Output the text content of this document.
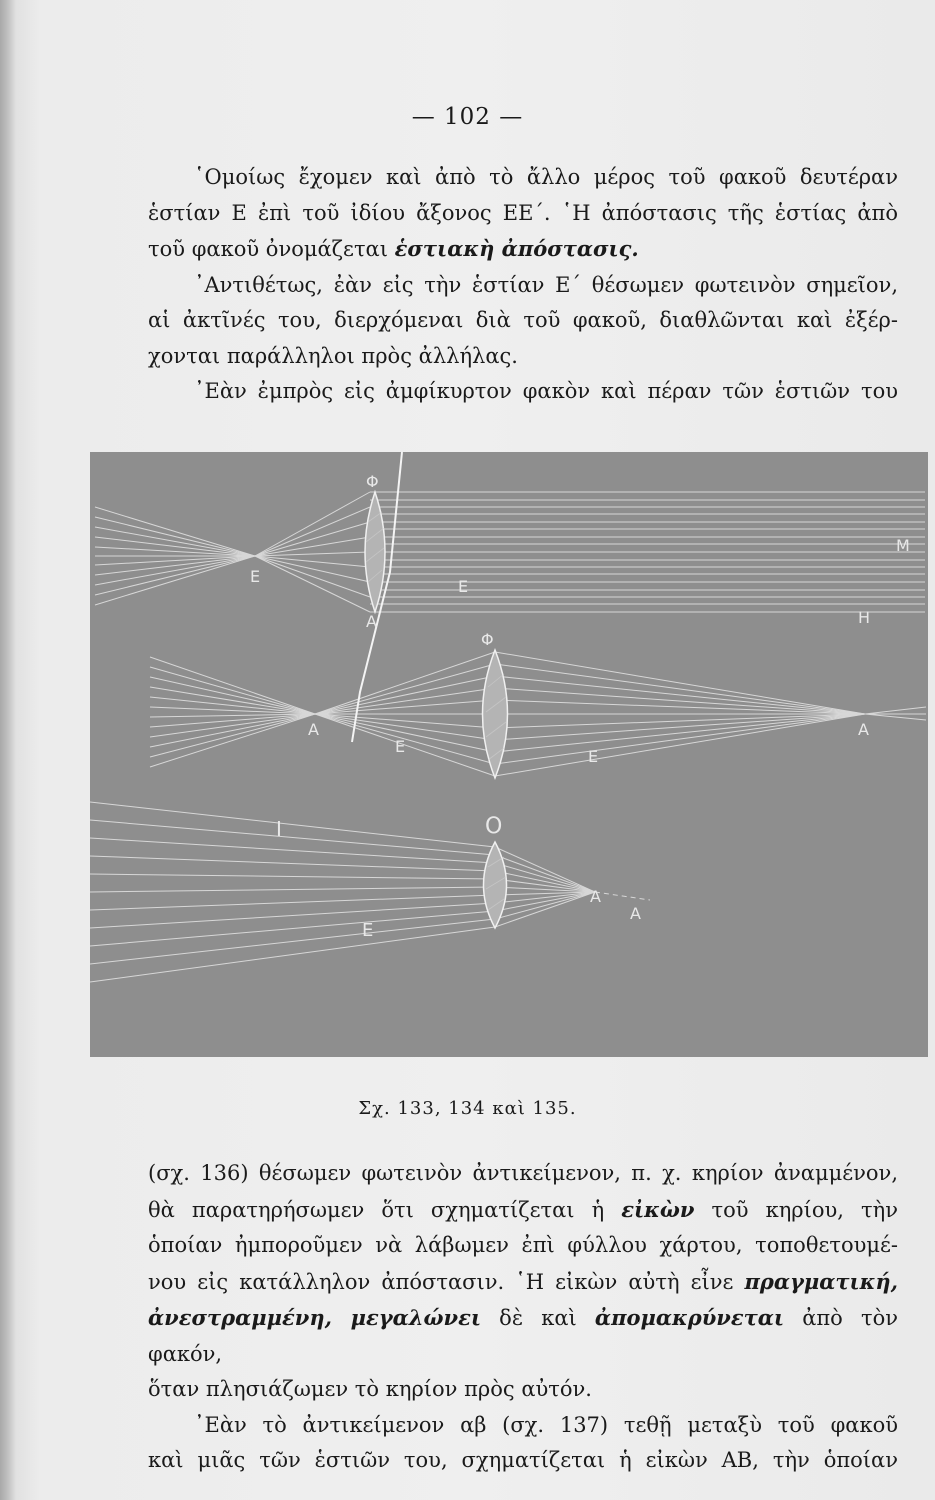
— 102 —

῾Ομοίως ἔχομεν καὶ ἀπὸ τὸ ἄλλο μέρος τοῦ φακοῦ δευτέραν

ἑστίαν Ε ἐπὶ τοῦ ἰδίου ἄξονος ΕΕ΄. ῾Η ἀπόστασις τῆς ἑστίας ἀπὸ

τοῦ φακοῦ ὀνομάζεται ἑστιακὴ ἀπόστασις.

᾿Αντιθέτως, ἐὰν εἰς τὴν ἑστίαν Ε΄ θέσωμεν φωτεινὸν σημεῖον,

αἱ ἀκτῖνές του, διερχόμεναι διὰ τοῦ φακοῦ, διαθλῶνται καὶ ἐξέρ-

χονται παράλληλοι πρὸς ἀλλήλας.

᾿Εὰν ἐμπρὸς εἰς ἀμφίκυρτον φακὸν καὶ πέραν τῶν ἑστιῶν του

Φ
Ε
Ε
Α
Μ
Η
Φ
Α
Ε
Ε
Α
Ι	Ο
Ε
Α
Α
Σχ. 133, 134 καὶ 135.

(σχ. 136) θέσωμεν φωτεινὸν ἀντικείμενον, π. χ. κηρίον ἀναμμένον,

θὰ παρατηρήσωμεν ὅτι σχηματίζεται ἡ εἰκὼν τοῦ κηρίου, τὴν

ὁποίαν ἠμποροῦμεν νὰ λάβωμεν ἐπὶ φύλλου χάρτου, τοποθετουμέ-

νου εἰς κατάλληλον ἀπόστασιν. ῾Η εἰκὼν αὐτὴ εἶνε πραγματική,

ἀνεστραμμένη, μεγαλώνει δὲ καὶ ἀπομακρύνεται ἀπὸ τὸν φακόν,

ὅταν πλησιάζωμεν τὸ κηρίον πρὸς αὐτόν.

᾿Εὰν τὸ ἀντικείμενον αβ (σχ. 137) τεθῇ μεταξὺ τοῦ φακοῦ

καὶ μιᾶς τῶν ἑστιῶν του, σχηματίζεται ἡ εἰκὼν ΑΒ, τὴν ὁποίαν
